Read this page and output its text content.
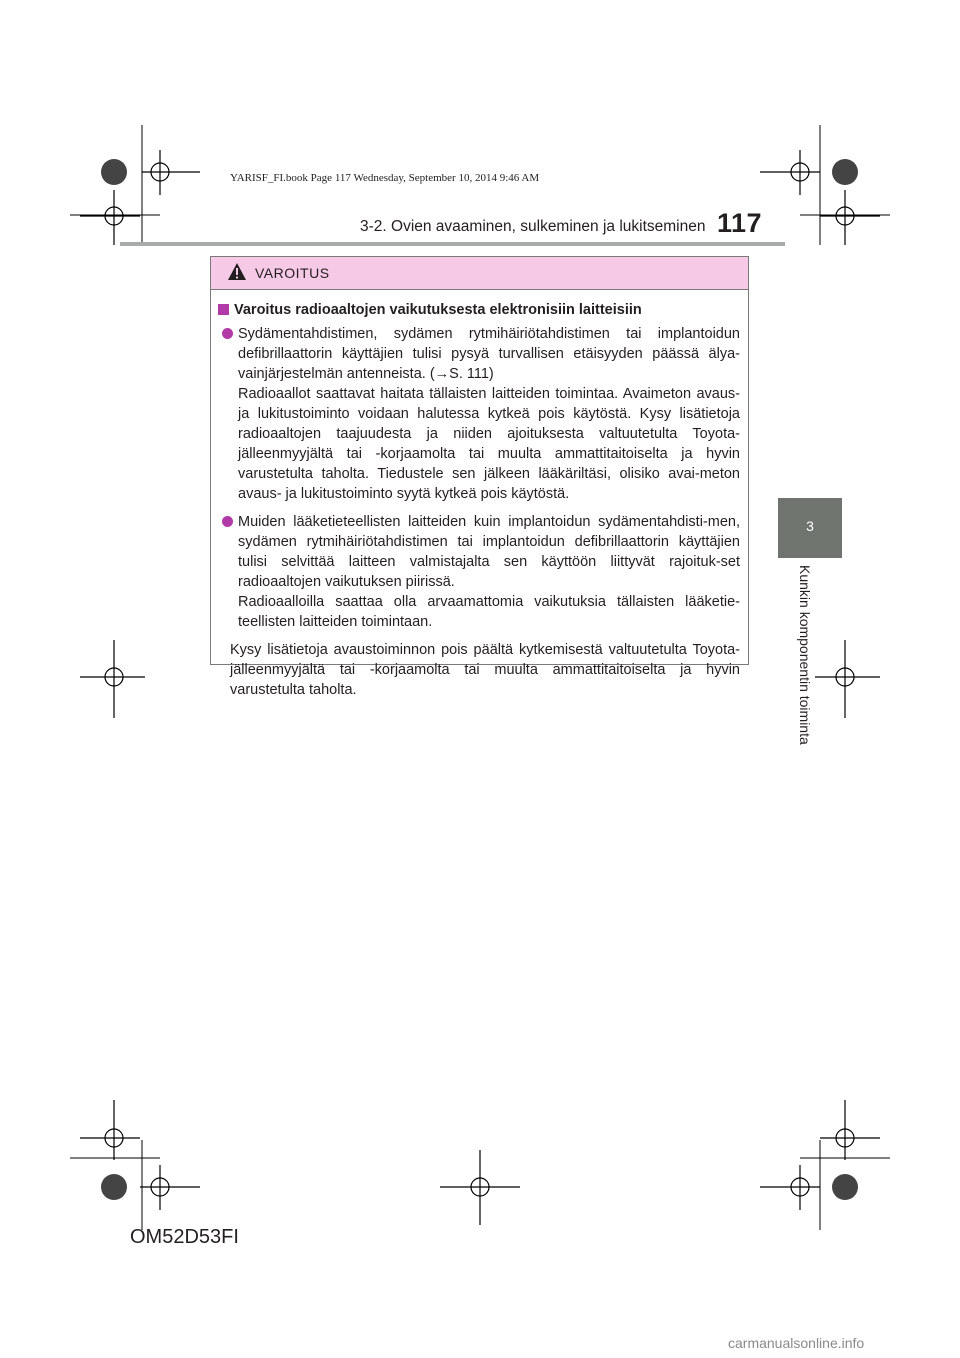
YARISF_FI.book Page 117 Wednesday, September 10, 2014 9:46 AM
3-2. Ovien avaaminen, sulkeminen ja lukitseminen 117
3
Kunkin komponentin toiminta
VAROITUS
Varoitus radioaaltojen vaikutuksesta elektronisiin laitteisiin

Sydämentahdistimen, sydämen rytmihäiriötahdistimen tai implantoidun defibrillaattorin käyttäjien tulisi pysyä turvallisen etäisyyden päässä älya-vainjärjestelmän antenneista. (→S. 111)

Radioaallot saattavat haitata tällaisten laitteiden toimintaa. Avaimeton avaus- ja lukitustoiminto voidaan halutessa kytkeä pois käytöstä. Kysy lisätietoja radioaaltojen taajuudesta ja niiden ajoituksesta valtuutetulta Toyota-jälleenmyyjältä tai -korjaamolta tai muulta ammattitaitoiselta ja hyvin varustetulta taholta. Tiedustele sen jälkeen lääkäriltäsi, olisiko avai-meton avaus- ja lukitustoiminto syytä kytkeä pois käytöstä.

Muiden lääketieteellisten laitteiden kuin implantoidun sydämentahdisti-men, sydämen rytmihäiriötahdistimen tai implantoidun defibrillaattorin käyttäjien tulisi selvittää laitteen valmistajalta sen käyttöön liittyvät rajoituk-set radioaaltojen vaikutuksen piirissä.

Radioaalloilla saattaa olla arvaamattomia vaikutuksia tällaisten lääketie-teellisten laitteiden toimintaan.

Kysy lisätietoja avaustoiminnon pois päältä kytkemisestä valtuutetulta Toyota-jälleenmyyjältä tai -korjaamolta tai muulta ammattitaitoiselta ja hyvin varustetulta taholta.

OM52D53FI
carmanualsonline.info
